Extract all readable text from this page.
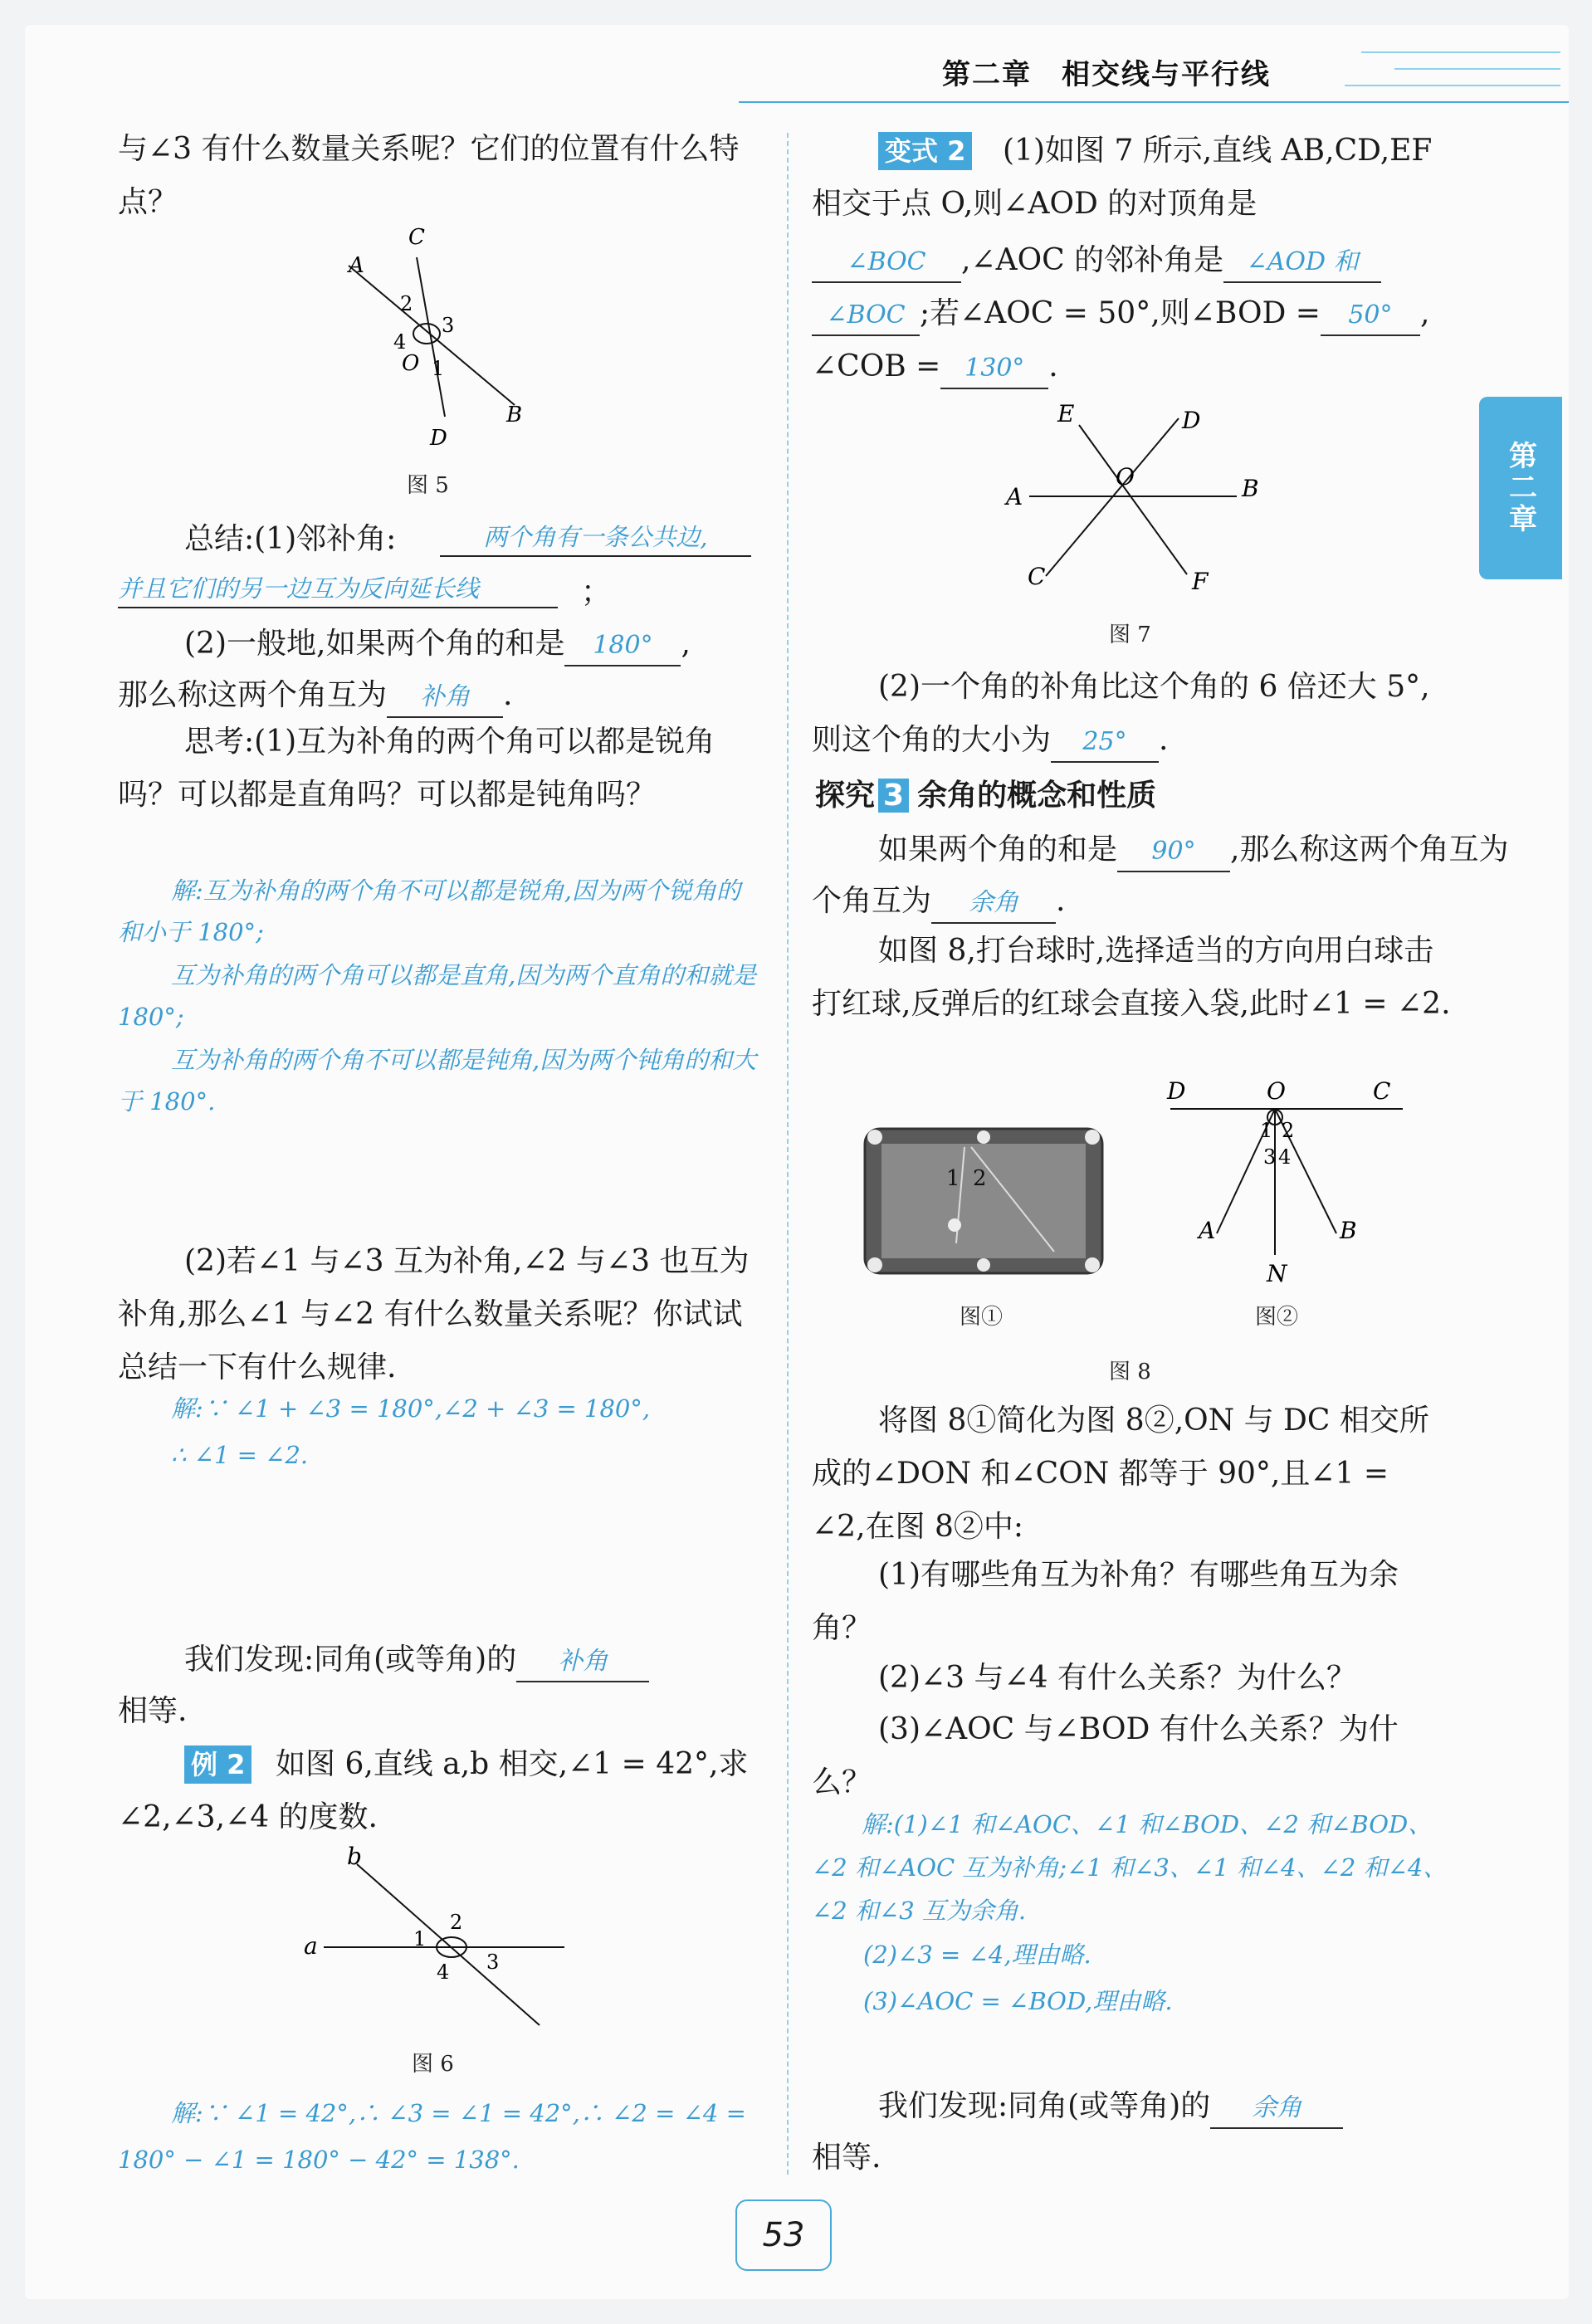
第二章　相交线与平行线
第二章
与∠3 有什么数量关系呢？它们的位置有什么特点？
A
C
B
D
O
2
3
4
1
图 5
总结:(1)邻补角:	两个角有一条公共边,
并且它们的另一边互为反向延长线	；
(2)一般地,如果两个角的和是 180° ,
那么称这两个角互为 补角 .
思考:(1)互为补角的两个角可以都是锐角吗？可以都是直角吗？可以都是钝角吗？
解:互为补角的两个角不可以都是锐角,因为两个锐角的和小于 180°;
互为补角的两个角可以都是直角,因为两个直角的和就是 180°;
互为补角的两个角不可以都是钝角,因为两个钝角的和大于 180°.
(2)若∠1 与∠3 互为补角,∠2 与∠3 也互为补角,那么∠1 与∠2 有什么数量关系呢？你试试总结一下有什么规律.
解:∵ ∠1 + ∠3 = 180°,∠2 + ∠3 = 180°,
∴ ∠1 = ∠2.
我们发现:同角(或等角)的 补角
相等.
例 2	如图 6,直线 a,b 相交,∠1 = 42°,求∠2,∠3,∠4 的度数.
a
b
1
2
3
4
图 6
解:∵ ∠1 = 42°,∴ ∠3 = ∠1 = 42°,∴ ∠2 = ∠4 = 180° − ∠1 = 180° − 42° = 138°.
变式 2	(1)如图 7 所示,直线 AB,CD,EF 相交于点 O,则∠AOD 的对顶角是
∠BOC ,∠AOC 的邻补角是 ∠AOD 和
∠BOC ;若∠AOC = 50°,则∠BOD = 50° ,
∠COB = 130° .
A	B
C
D
E
F
O
图 7
(2)一个角的补角比这个角的 6 倍还大 5°,则这个角的大小为 25° .
探究 3 余角的概念和性质
如果两个角的和是 90° ,那么称这两个角互为
个角互为 余角 .
如图 8,打台球时,选择适当的方向用白球击打红球,反弹后的红球会直接入袋,此时∠1 = ∠2.
1 2
图①
D	O	C
1 2
3 4
A	B
N
图②
图 8
将图 8①简化为图 8②,ON 与 DC 相交所成的∠DON 和∠CON 都等于 90°,且∠1 = ∠2,在图 8②中:
(1)有哪些角互为补角？有哪些角互为余角？
(2)∠3 与∠4 有什么关系？为什么？
(3)∠AOC 与∠BOD 有什么关系？为什么？
解:(1)∠1 和∠AOC、∠1 和∠BOD、∠2 和∠BOD、∠2 和∠AOC 互为补角;∠1 和∠3、∠1 和∠4、∠2 和∠4、∠2 和∠3 互为余角.
(2)∠3 = ∠4,理由略.
(3)∠AOC = ∠BOD,理由略.
我们发现:同角(或等角)的 余角
相等.
53
